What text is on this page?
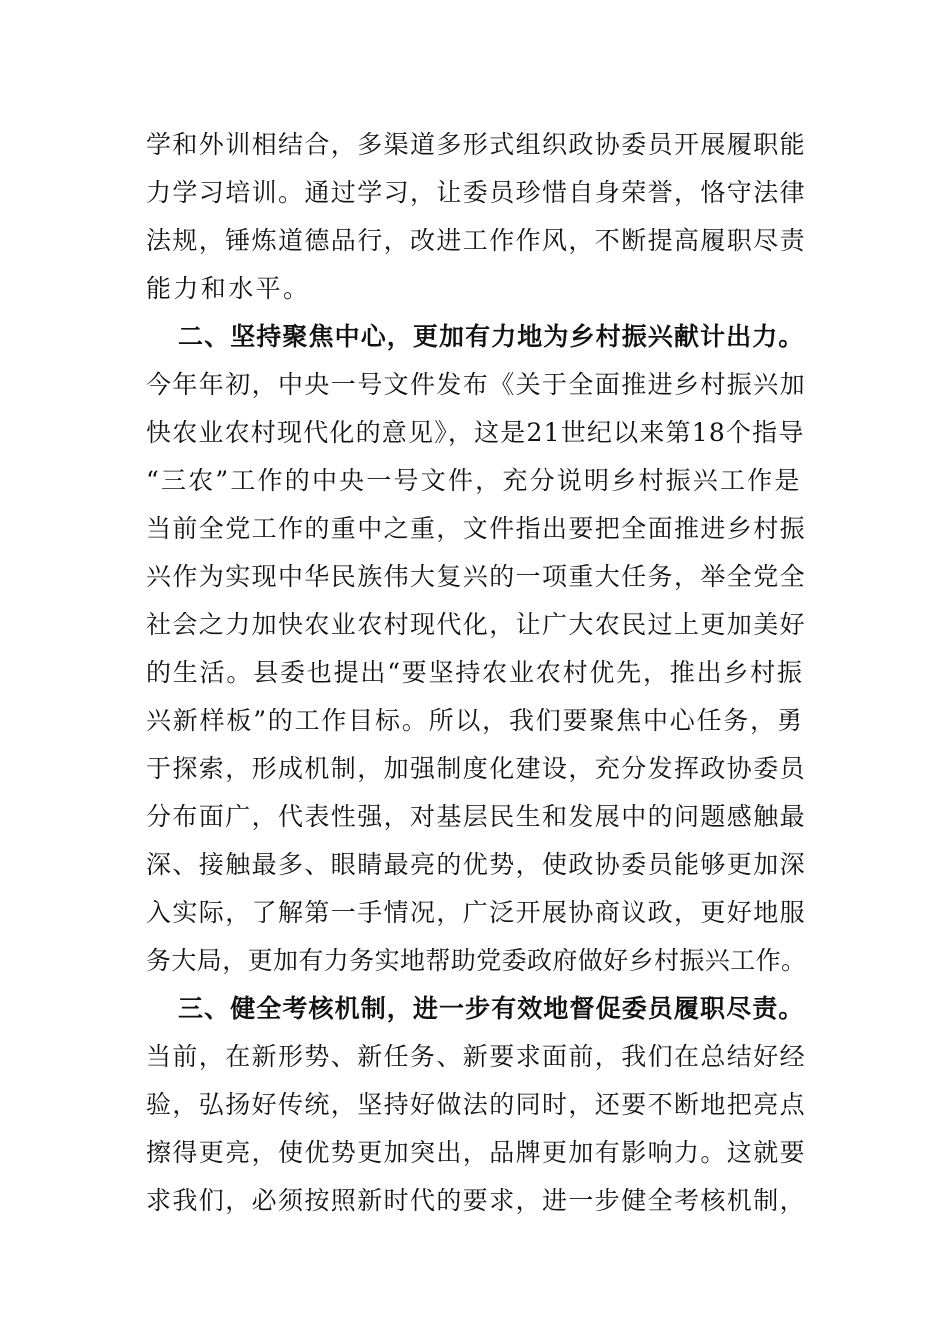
学和外训相结合，多渠道多形式组织政协委员开展履职能
力学习培训。通过学习，让委员珍惜自身荣誉，恪守法律
法规，锤炼道德品行，改进工作作风，不断提高履职尽责
能力和水平。
二、坚持聚焦中心，更加有力地为乡村振兴献计出力。
今年年初，中央一号文件发布《关于全面推进乡村振兴加
快农业农村现代化的意见》，这是21世纪以来第18个指导
“三农”工作的中央一号文件，充分说明乡村振兴工作是
当前全党工作的重中之重，文件指出要把全面推进乡村振
兴作为实现中华民族伟大复兴的一项重大任务，举全党全
社会之力加快农业农村现代化，让广大农民过上更加美好
的生活。县委也提出“要坚持农业农村优先，推出乡村振
兴新样板”的工作目标。所以，我们要聚焦中心任务，勇
于探索，形成机制，加强制度化建设，充分发挥政协委员
分布面广，代表性强，对基层民生和发展中的问题感触最
深、接触最多、眼睛最亮的优势，使政协委员能够更加深
入实际，了解第一手情况，广泛开展协商议政，更好地服
务大局，更加有力务实地帮助党委政府做好乡村振兴工作。
三、健全考核机制，进一步有效地督促委员履职尽责。
当前，在新形势、新任务、新要求面前，我们在总结好经
验，弘扬好传统，坚持好做法的同时，还要不断地把亮点
擦得更亮，使优势更加突出，品牌更加有影响力。这就要
求我们，必须按照新时代的要求，进一步健全考核机制，
